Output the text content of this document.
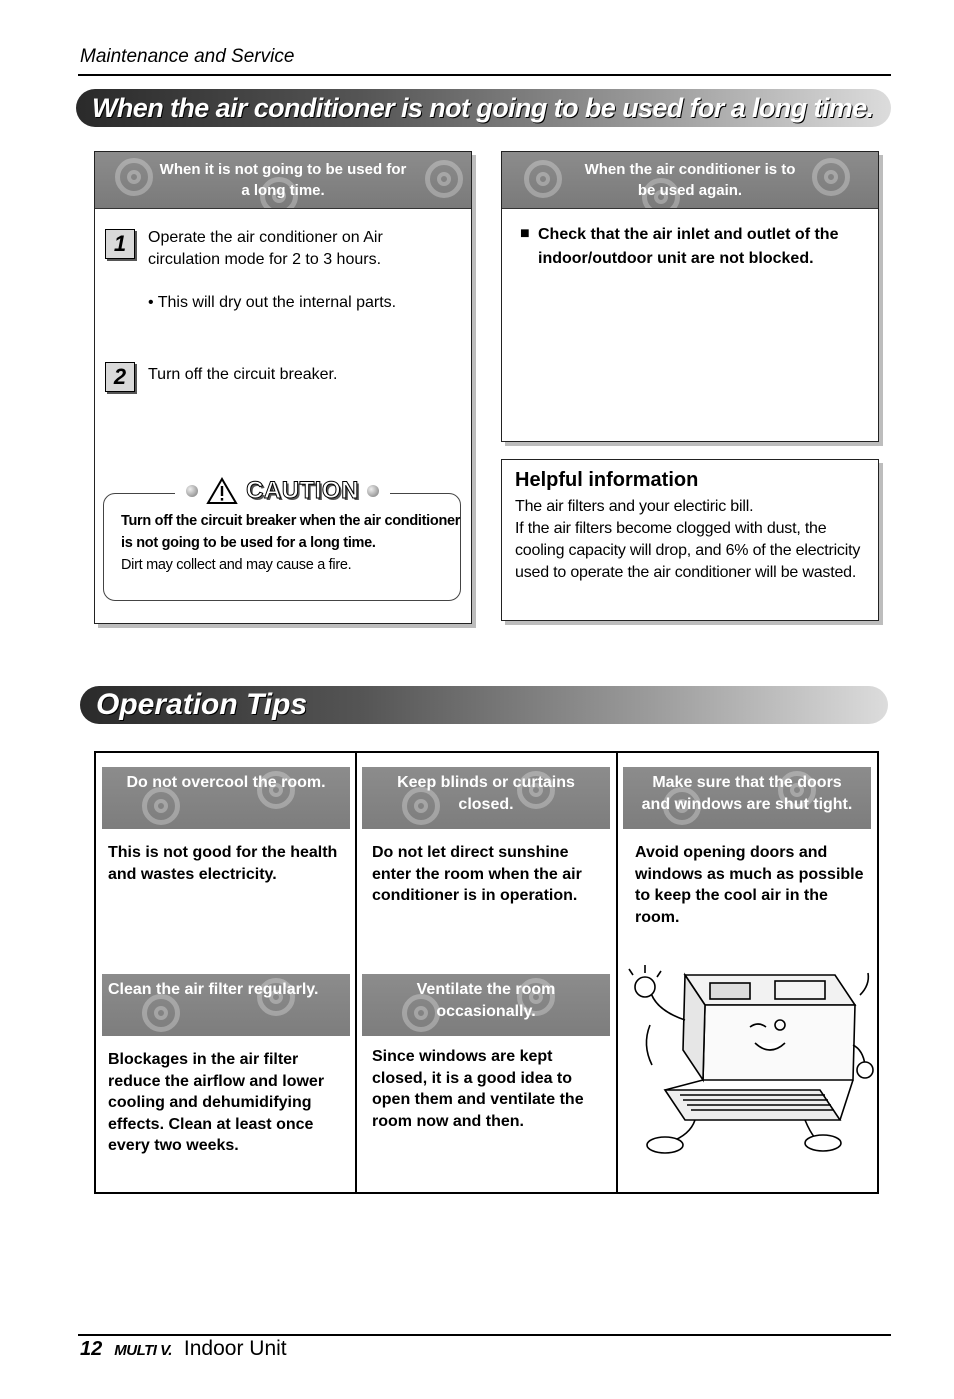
Maintenance and Service
When the air conditioner is not going to be used for a long time.
When it is not going to be used for
a long time.
1	Operate the air conditioner on Air
circulation mode for 2 to 3 hours.
• This will dry out the internal parts.
2	Turn off the circuit breaker.
CAUTION
Turn off the circuit breaker when the air conditioner
is not going to be used for a long time.
Dirt may collect and may cause a fire.
When the air conditioner is to
be used again.
■ Check that the air inlet and outlet of the
indoor/outdoor unit are not blocked.
Helpful information
The air filters and your electiric bill.
If the air filters become clogged with dust, the
cooling capacity will drop, and 6% of the electricity
used to operate the air conditioner will be wasted.
Operation Tips
Do not overcool the room.
This is not good for the health
and wastes electricity.
Keep blinds or curtains
closed.
Do not let direct sunshine
enter the room when the air
conditioner is in operation.
Make sure that the doors
and windows are shut tight.
Avoid opening doors and
windows as much as possible
to keep the cool air in the
room.
Clean the air filter regularly.
Blockages in the air filter
reduce the airflow and lower
cooling and dehumidifying
effects. Clean at least once
every two weeks.
Ventilate the room
occasionally.
Since windows are kept
closed, it is a good idea to
open them and ventilate the
room now and then.
12 MULTI V. Indoor Unit
